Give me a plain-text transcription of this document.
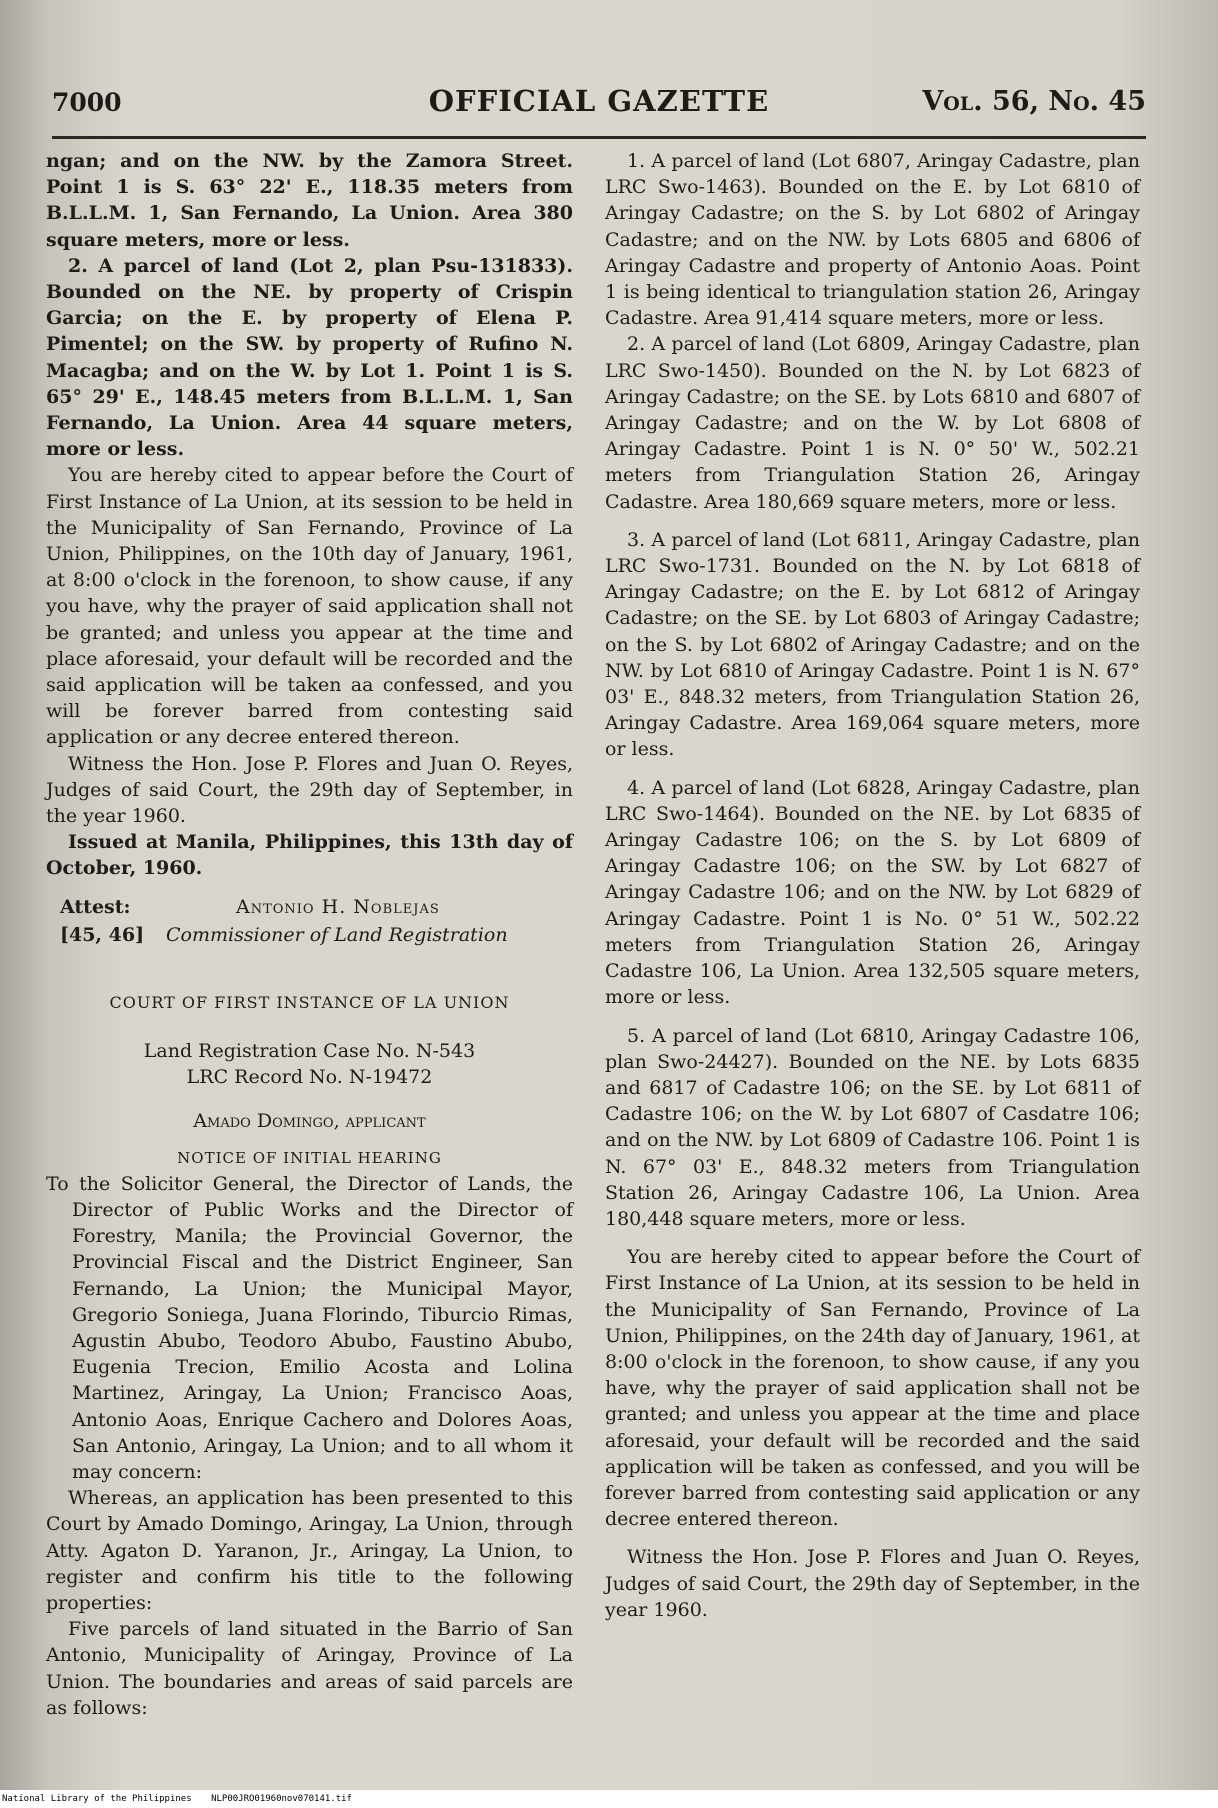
7000	OFFICIAL GAZETTE	Vol. 56, No. 45

ngan; and on the NW. by the Zamora Street. Point 1 is S. 63° 22' E., 118.35 meters from B.L.L.M. 1, San Fernando, La Union. Area 380 square meters, more or less.

2. A parcel of land (Lot 2, plan Psu-131833). Bounded on the NE. by property of Crispin Garcia; on the E. by property of Elena P. Pimentel; on the SW. by property of Rufino N. Macagba; and on the W. by Lot 1. Point 1 is S. 65° 29' E., 148.45 meters from B.L.L.M. 1, San Fernando, La Union. Area 44 square meters, more or less.

You are hereby cited to appear before the Court of First Instance of La Union, at its session to be held in the Municipality of San Fernando, Province of La Union, Philippines, on the 10th day of January, 1961, at 8:00 o'clock in the forenoon, to show cause, if any you have, why the prayer of said application shall not be granted; and unless you appear at the time and place aforesaid, your default will be recorded and the said application will be taken aa confessed, and you will be forever barred from contesting said application or any decree entered thereon.

Witness the Hon. Jose P. Flores and Juan O. Reyes, Judges of said Court, the 29th day of September, in the year 1960.

Issued at Manila, Philippines, this 13th day of October, 1960.

Attest:
[45, 46]
Antonio H. Noblejas
Commissioner of Land Registration
COURT OF FIRST INSTANCE OF LA UNION
Land Registration Case No. N-543
LRC Record No. N-19472
Amado Domingo, applicant
NOTICE OF INITIAL HEARING

To the Solicitor General, the Director of Lands, the Director of Public Works and the Director of Forestry, Manila; the Provincial Governor, the Provincial Fiscal and the District Engineer, San Fernando, La Union; the Municipal Mayor, Gregorio Soniega, Juana Florindo, Tiburcio Rimas, Agustin Abubo, Teodoro Abubo, Faustino Abubo, Eugenia Trecion, Emilio Acosta and Lolina Martinez, Aringay, La Union; Francisco Aoas, Antonio Aoas, Enrique Cachero and Dolores Aoas, San Antonio, Aringay, La Union; and to all whom it may concern:

Whereas, an application has been presented to this Court by Amado Domingo, Aringay, La Union, through Atty. Agaton D. Yaranon, Jr., Aringay, La Union, to register and confirm his title to the following properties:

Five parcels of land situated in the Barrio of San Antonio, Municipality of Aringay, Province of La Union. The boundaries and areas of said parcels are as follows:

1. A parcel of land (Lot 6807, Aringay Cadastre, plan LRC Swo-1463). Bounded on the E. by Lot 6810 of Aringay Cadastre; on the S. by Lot 6802 of Aringay Cadastre; and on the NW. by Lots 6805 and 6806 of Aringay Cadastre and property of Antonio Aoas. Point 1 is being identical to triangulation station 26, Aringay Cadastre. Area 91,414 square meters, more or less.

2. A parcel of land (Lot 6809, Aringay Cadastre, plan LRC Swo-1450). Bounded on the N. by Lot 6823 of Aringay Cadastre; on the SE. by Lots 6810 and 6807 of Aringay Cadastre; and on the W. by Lot 6808 of Aringay Cadastre. Point 1 is N. 0° 50' W., 502.21 meters from Triangulation Station 26, Aringay Cadastre. Area 180,669 square meters, more or less.

3. A parcel of land (Lot 6811, Aringay Cadastre, plan LRC Swo-1731. Bounded on the N. by Lot 6818 of Aringay Cadastre; on the E. by Lot 6812 of Aringay Cadastre; on the SE. by Lot 6803 of Aringay Cadastre; on the S. by Lot 6802 of Aringay Cadastre; and on the NW. by Lot 6810 of Aringay Cadastre. Point 1 is N. 67° 03' E., 848.32 meters, from Triangulation Station 26, Aringay Cadastre. Area 169,064 square meters, more or less.

4. A parcel of land (Lot 6828, Aringay Cadastre, plan LRC Swo-1464). Bounded on the NE. by Lot 6835 of Aringay Cadastre 106; on the S. by Lot 6809 of Aringay Cadastre 106; on the SW. by Lot 6827 of Aringay Cadastre 106; and on the NW. by Lot 6829 of Aringay Cadastre. Point 1 is No. 0° 51 W., 502.22 meters from Triangulation Station 26, Aringay Cadastre 106, La Union. Area 132,505 square meters, more or less.

5. A parcel of land (Lot 6810, Aringay Cadastre 106, plan Swo-24427). Bounded on the NE. by Lots 6835 and 6817 of Cadastre 106; on the SE. by Lot 6811 of Cadastre 106; on the W. by Lot 6807 of Casdatre 106; and on the NW. by Lot 6809 of Cadastre 106. Point 1 is N. 67° 03' E., 848.32 meters from Triangulation Station 26, Aringay Cadastre 106, La Union. Area 180,448 square meters, more or less.

You are hereby cited to appear before the Court of First Instance of La Union, at its session to be held in the Municipality of San Fernando, Province of La Union, Philippines, on the 24th day of January, 1961, at 8:00 o'clock in the forenoon, to show cause, if any you have, why the prayer of said application shall not be granted; and unless you appear at the time and place aforesaid, your default will be recorded and the said application will be taken as confessed, and you will be forever barred from contesting said application or any decree entered thereon.

Witness the Hon. Jose P. Flores and Juan O. Reyes, Judges of said Court, the 29th day of September, in the year 1960.

National Library of the Philippines NLP00JRO01960nov070141.tif
